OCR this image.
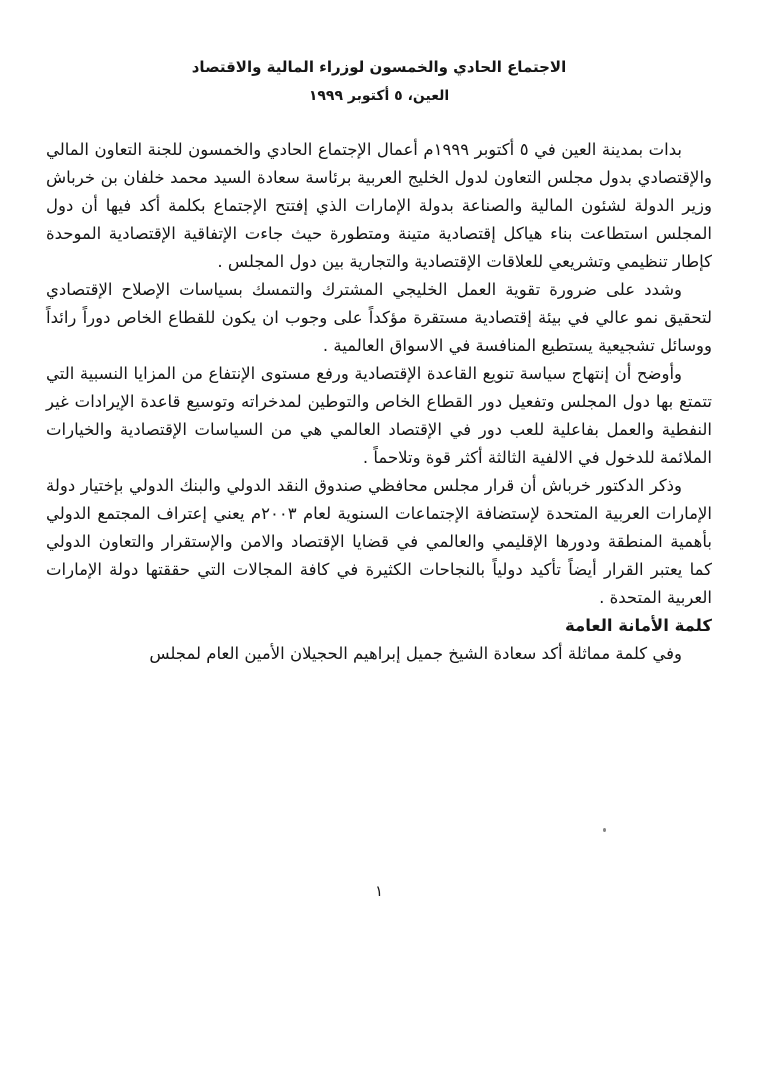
الاجتماع الحادي والخمسون لوزراء المالية والاقتصاد
العين، ٥ أكتوبر ١٩٩٩

بدات بمدينة العين في ٥ أكتوبر ١٩٩٩م أعمال الإجتماع الحادي والخمسون للجنة التعاون المالي والإقتصادي بدول مجلس التعاون لدول الخليج العربية برئاسة سعادة السيد محمد خلفان بن خرباش وزير الدولة لشئون المالية والصناعة بدولة الإمارات الذي إفتتح الإجتماع بكلمة أكد فيها أن دول المجلس استطاعت بناء هياكل إقتصادية متينة ومتطورة حيث جاءت الإتفاقية الإقتصادية الموحدة كإطار تنظيمي وتشريعي للعلاقات الإقتصادية والتجارية بين دول المجلس .

وشدد على ضرورة تقوية العمل الخليجي المشترك والتمسك بسياسات الإصلاح الإقتصادي لتحقيق نمو عالي في بيئة إقتصادية مستقرة مؤكداً على وجوب ان يكون للقطاع الخاص دوراً رائداً ووسائل تشجيعية يستطيع المنافسة في الاسواق العالمية .

وأوضح أن إنتهاج سياسة تنويع القاعدة الإقتصادية ورفع مستوى الإنتفاع من المزايا النسبية التي تتمتع بها دول المجلس وتفعيل دور القطاع الخاص والتوطين لمدخراته وتوسيع قاعدة الإيرادات غير النفطية والعمل بفاعلية للعب دور في الإقتصاد العالمي هي من السياسات الإقتصادية والخيارات الملائمة للدخول في الالفية الثالثة أكثر قوة وتلاحماً .

وذكر الدكتور خرباش أن قرار مجلس محافظي صندوق النقد الدولي والبنك الدولي بإختيار دولة الإمارات العربية المتحدة لإستضافة الإجتماعات السنوية لعام ٢٠٠٣م يعني إعتراف المجتمع الدولي بأهمية المنطقة ودورها الإقليمي والعالمي في قضايا الإقتصاد والامن والإستقرار والتعاون الدولي كما يعتبر القرار أيضاً تأكيد دولياً بالنجاحات الكثيرة في كافة المجالات التي حققتها دولة الإمارات العربية المتحدة .

كلمة الأمانة العامة

وفي كلمة مماثلة أكد سعادة الشيخ جميل إبراهيم الحجيلان الأمين العام لمجلس

١
